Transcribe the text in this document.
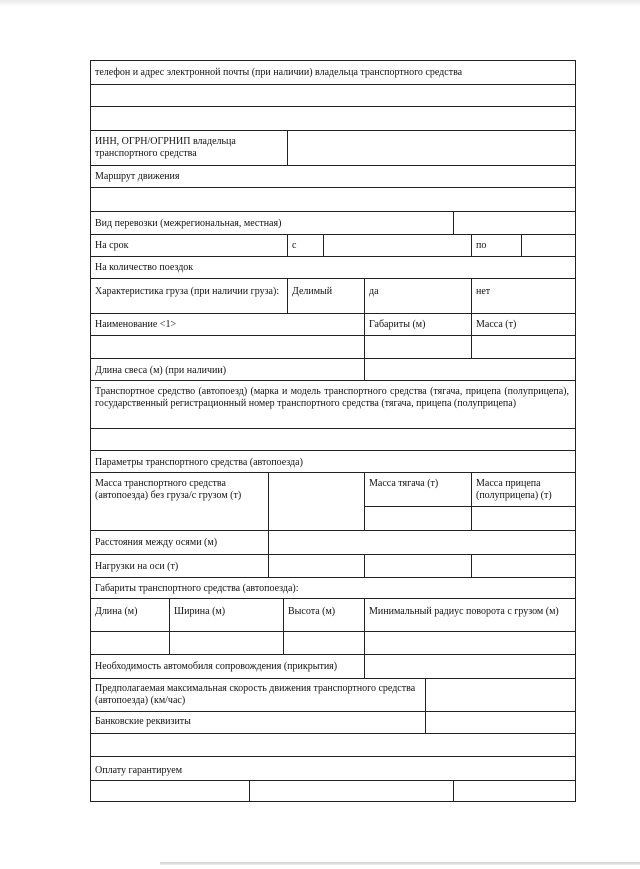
телефон и адрес электронной почты (при наличии) владельца транспортного средства
ИНН, ОГРН/ОГРНИП владельца транспортного средства
Маршрут движения
Вид перевозки (межрегиональная, местная)
На срок	с	по
На количество поездок
Характеристика груза (при наличии груза):	Делимый	да	нет
Наименование <1>	Габариты (м)	Масса (т)
Длина свеса (м) (при наличии)
Транспортное средство (автопоезд) (марка и модель транспортного средства (тягача, прицепа (полуприцепа), государственный регистрационный номер транспортного средства (тягача, прицепа (полуприцепа)
Параметры транспортного средства (автопоезда)
Масса транспортного средства (автопоезда) без груза/с грузом (т)
Масса тягача (т)	Масса прицепа (полуприцепа) (т)
Расстояния между осями (м)
Нагрузки на оси (т)
Габариты транспортного средства (автопоезда):
Длина (м)	Ширина (м)	Высота (м)	Минимальный радиус поворота с грузом (м)
Необходимость автомобиля сопровождения (прикрытия)
Предполагаемая максимальная скорость движения транспортного средства (автопоезда) (км/час)
Банковские реквизиты
Оплату гарантируем
